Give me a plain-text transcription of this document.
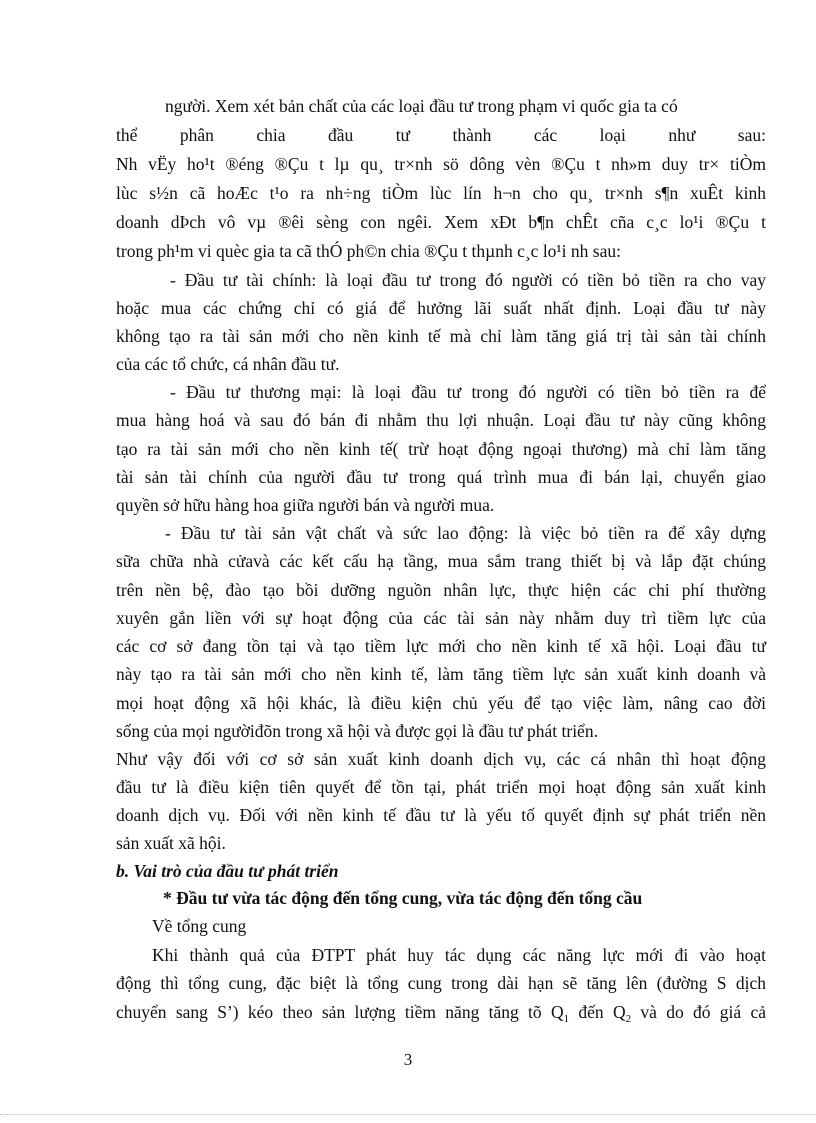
người. Xem xét bản chất của các loại đầu tư trong phạm vi quốc gia ta có
thể phân chia đầu tư thành các loại như sau:
Nh vËy ho¹t ®éng ®Çu t lµ qu¸ tr×nh sö dông vèn ®Çu t nh»m duy tr× tiÒm
lùc s½n cã hoÆc t¹o ra nh÷ng tiÒm lùc lín h¬n cho qu¸ tr×nh s¶n xuÊt kinh
doanh dÞch vô vµ ®êi sèng con ngêi. Xem xÐt b¶n chÊt cña c¸c lo¹i ®Çu t
trong ph¹m vi quèc gia ta cã thÓ ph©n chia ®Çu t thµnh c¸c lo¹i nh sau:
- Đầu tư tài chính: là loại đầu tư trong đó người có tiền bỏ tiền ra cho vay
hoặc mua các chứng chỉ có giá để hưởng lãi suất nhất định. Loại đầu tư này
không tạo ra tài sản mới cho nền kinh tế mà chỉ làm tăng giá trị tài sản tài chính
của các tổ chức, cá nhân đầu tư.
- Đầu tư thương mại: là loại đầu tư trong đó người có tiền bỏ tiền ra để
mua hàng hoá và sau đó bán đi nhằm thu lợi nhuận. Loại đầu tư này cũng không
tạo ra tài sản mới cho nền kinh tế( trừ hoạt động ngoại thương) mà chỉ làm tăng
tài sản tài chính của người đầu tư trong quá trình mua đi bán lại, chuyển giao
quyền sở hữu hàng hoa giữa người bán và người mua.
- Đầu tư tài sản vật chất và sức lao động: là việc bỏ tiền ra để xây dựng
sữa chữa nhà cửavà các kết cấu hạ tầng, mua sắm trang thiết bị và lắp đặt chúng
trên nền bệ, đào tạo bồi dưỡng nguồn nhân lực, thực hiện các chi phí thường
xuyên gắn liền với sự hoạt động của các tài sản này nhằm duy trì tiềm lực của
các cơ sở đang tồn tại và tạo tiềm lực mới cho nền kinh tế xã hội. Loại đầu tư
này tạo ra tài sản mới cho nền kinh tế, làm tăng tiềm lực sản xuất kinh doanh và
mọi hoạt động xã hội khác, là điều kiện chủ yếu để tạo việc làm, nâng cao đời
sống của mọi ngườiđõn trong xã hội và được gọi là đầu tư phát triển.
Như vậy đối với cơ sở sản xuất kinh doanh dịch vụ, các cá nhân thì hoạt động
đầu tư là điều kiện tiên quyết để tồn tại, phát triển mọi hoạt động sản xuất kinh
doanh dịch vụ. Đối với nền kinh tế đầu tư là yếu tố quyết định sự phát triển nền
sản xuất xã hội.
b. Vai trò của đầu tư phát triển
* Đầu tư vừa tác động đến tổng cung, vừa tác động đến tổng cầu
Về tổng cung
Khi thành quả của ĐTPT phát huy tác dụng các năng lực mới đi vào hoạt
động thì tổng cung, đặc biệt là tổng cung trong dài hạn sẽ tăng lên (đường S dịch
chuyển sang S’) kéo theo sản lượng tiềm năng tăng tõ $Q_1$ đến $Q_2$ và do đó giá cả
3
